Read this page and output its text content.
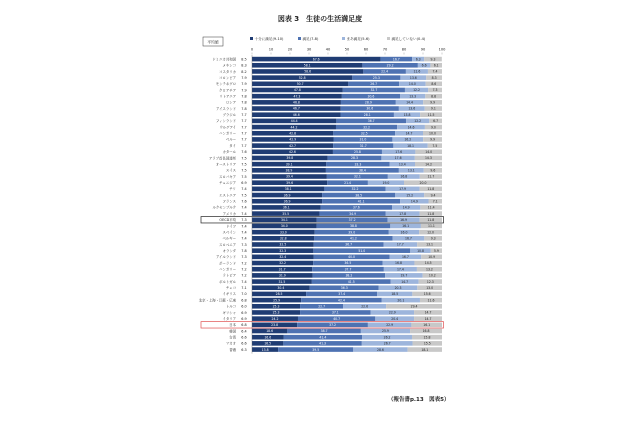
図表 3　生徒の生活満足度
平均値
十分に満足(9-10)	満足(7-8)	まあ満足(5-6)	満足していない(0-4)
0	10	20	30	40	50	60	70	80	90	100
ドミニカ共和国 8.5	67.6	16.7	6.3	9.3
メキシコ 8.3	58.1	29.2	6.6 6.1
コスタリカ 8.2	58.6	22.4	11.6	7.4
コロンビア 7.9	52.8	25.3	13.6	8.3
モンテネグロ 7.9	50.7	26.7	14.0	8.6
クロアチア 7.9	47.8	32.7	12.2	7.3
リトアニア 7.8	47.3	30.6	13.3	8.8
ロシア 7.8	46.8	28.9	14.4	9.9
アイスランド 7.8	46.7	30.6	13.6	9.1
ブラジル 7.7	46.6	28.1	13.8	11.5
フィンランド 7.7	44.4	36.7	12.2	6.7
ウルグアイ 7.7	44.2	32.2	14.6	9.0
ハンガリー 7.7	42.8	32.5	14.7	10.0
ペルー 7.7	42.9	31.0	16.2	9.9
タイ 7.7	42.7	31.7	18.1	7.5
カタール 7.6	42.6	25.8	17.6	14.0
アラブ首長国連邦 7.5	39.8	28.3	17.6	14.3
オーストリア 7.5	39.1	33.3	13.4	14.2
スイス 7.5	38.9	38.4	13.1	9.6
スロバキア 7.5	39.4	32.1	16.8	11.7
チュニジア 6.9	39.6	21.4	19.0	20.0
チリ 7.4	38.1	32.2	17.9	11.8
エストニア 7.5	36.9	38.5	15.2	9.4
フランス 7.6	36.9	41.1	14.9	7.1
ルクセンブルク 7.4	36.1	37.6	14.9	11.4
アメリカ 7.4	35.5	34.9	17.8	11.8
OECD平均 7.3	34.1	37.2	16.9	11.8
ドイツ 7.4	34.0	38.8	16.1	11.1
スペイン 7.4	33.0	39.0	16.0	12.0
ベルギー 7.4	32.8	41.2	16.7	9.3
スロベニア 7.3	32.5	36.7	17.7	13.1
オランダ 7.8	32.3	51.0	10.8	5.9
アイルランド 7.3	32.4	40.0	16.7	10.9
ポーランド 7.2	32.2	36.5	16.8	14.5
ハンガリー 7.2	31.7	37.7	17.4	13.2
ラトビア 7.2	31.9	38.2	19.7	10.2
ポルトガル 7.4	31.5	41.5	14.7	12.3
チェコ 7.1	30.4	36.3	20.3	13.0
イギリス 7.0	28.5	37.4	18.5	15.6
北京・上海・江蘇・広東 6.8	25.9	42.4	20.1	11.6
トルコ 6.0	25.3	22.7	22.6	29.4
ギリシャ 6.9	25.3	37.1	22.9	14.7
イタリア 6.9	24.2	40.7	20.4	14.7
日本 6.8	23.8	37.2	22.9	16.1
韓国 6.4	18.6	38.7	25.9	16.8
台湾 6.6	16.6	41.4	26.2	15.8
マカオ 6.6	16.5	41.3	26.7	15.5
香港 6.3	13.8	39.5	28.6	18.1
（報告書p.13　図表5）
